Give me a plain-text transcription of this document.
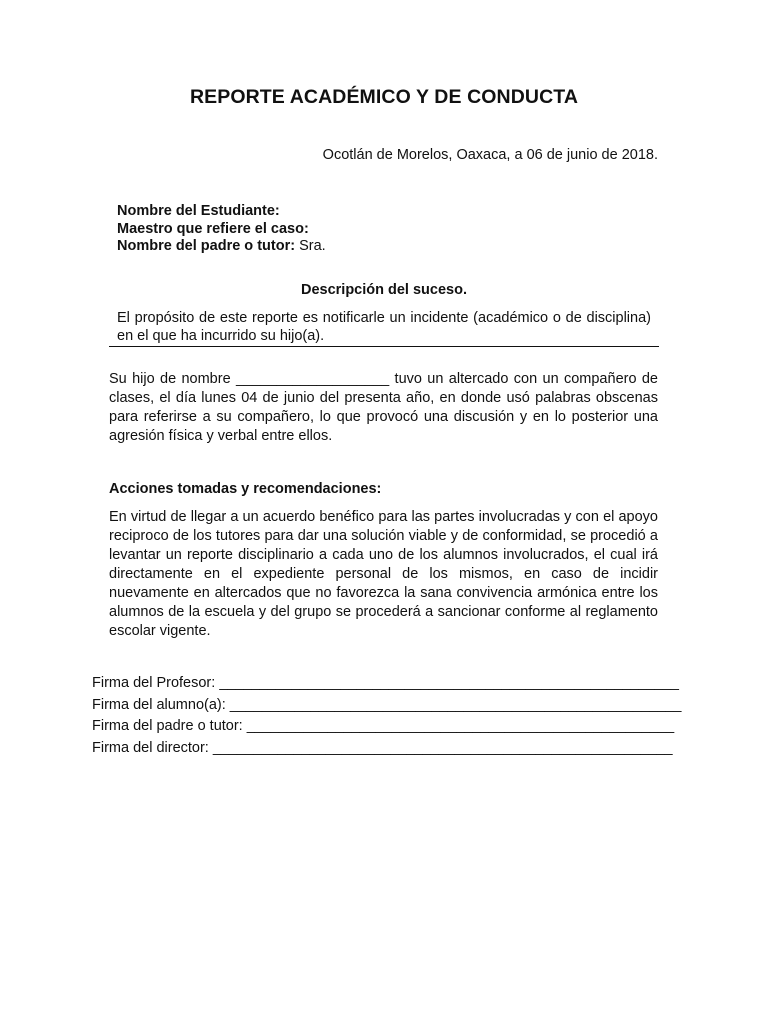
REPORTE ACADÉMICO Y DE CONDUCTA

Ocotlán de Morelos, Oaxaca, a 06 de junio de 2018.

Nombre del Estudiante:
Maestro que refiere el caso:
Nombre del padre o tutor: Sra.

Descripción del suceso.

El propósito de este reporte es notificarle un incidente (académico o de disciplina) en el que ha incurrido su hijo(a).

Su hijo de nombre ___________________ tuvo un altercado con un compañero de clases, el día lunes 04 de junio del presenta año, en donde usó palabras obscenas para referirse a su compañero, lo que provocó una discusión y en lo posterior una agresión física y verbal entre ellos.

Acciones tomadas y recomendaciones:

En virtud de llegar a un acuerdo benéfico para las partes involucradas y con el apoyo reciproco de los tutores para dar una solución viable y de conformidad, se procedió a levantar un reporte disciplinario a cada uno de los alumnos involucrados, el cual irá directamente en el expediente personal de los mismos, en caso de incidir nuevamente en altercados que no favorezca la sana convivencia armónica entre los alumnos de la escuela y del grupo se procederá a sancionar conforme al reglamento escolar vigente.

Firma del Profesor: _________________________________________________________
Firma del alumno(a): ________________________________________________________
Firma del padre o tutor: _____________________________________________________
Firma del director: _________________________________________________________
